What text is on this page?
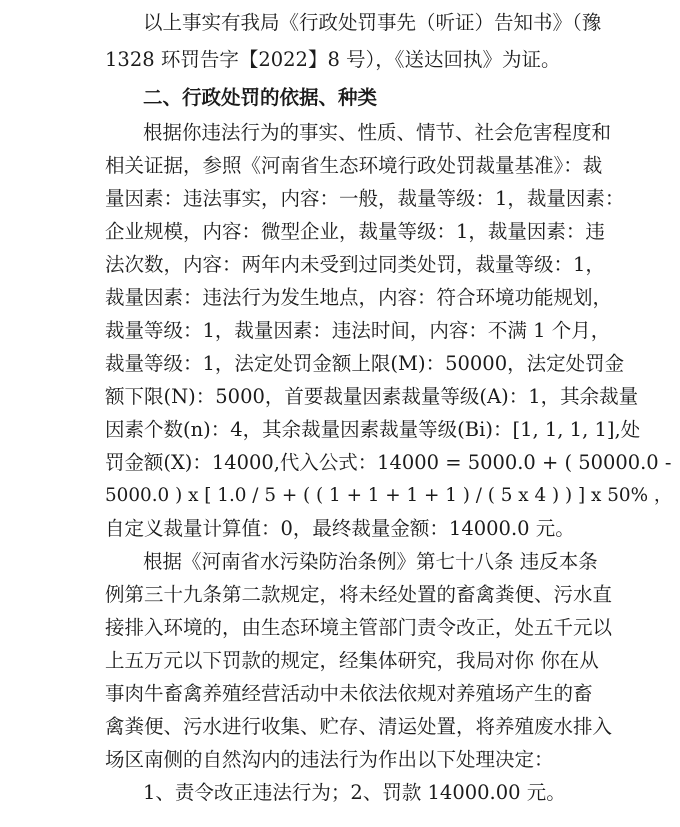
以上事实有我局《行政处罚事先（听证）告知书》（豫
1328 环罚告字【2022】8 号），《送达回执》为证。
二、行政处罚的依据、种类
根据你违法行为的事实、性质、情节、社会危害程度和
相关证据，参照《河南省生态环境行政处罚裁量基准》：裁
量因素：违法事实，内容：一般，裁量等级：1，裁量因素：
企业规模，内容：微型企业，裁量等级：1，裁量因素：违
法次数，内容：两年内未受到过同类处罚，裁量等级：1，
裁量因素：违法行为发生地点，内容：符合环境功能规划，
裁量等级：1，裁量因素：违法时间，内容：不满 1 个月，
裁量等级：1，法定处罚金额上限(M)：50000，法定处罚金
额下限(N)：5000，首要裁量因素裁量等级(A)：1，其余裁量
因素个数(n)：4，其余裁量因素裁量等级(Bi)：[1, 1, 1, 1],处
罚金额(X)：14000,代入公式：14000 = 5000.0 + ( 50000.0 -
5000.0 ) x [ 1.0 / 5 + ( ( 1 + 1 + 1 + 1 ) / ( 5 x 4 ) ) ] x 50% ，
自定义裁量计算值：0，最终裁量金额：14000.0 元。
根据《河南省水污染防治条例》第七十八条 违反本条
例第三十九条第二款规定，将未经处置的畜禽粪便、污水直
接排入环境的，由生态环境主管部门责令改正，处五千元以
上五万元以下罚款的规定，经集体研究，我局对你 你在从
事肉牛畜禽养殖经营活动中未依法依规对养殖场产生的畜
禽粪便、污水进行收集、贮存、清运处置，将养殖废水排入
场区南侧的自然沟内的违法行为作出以下处理决定：
1、责令改正违法行为；2、罚款 14000.00 元。
